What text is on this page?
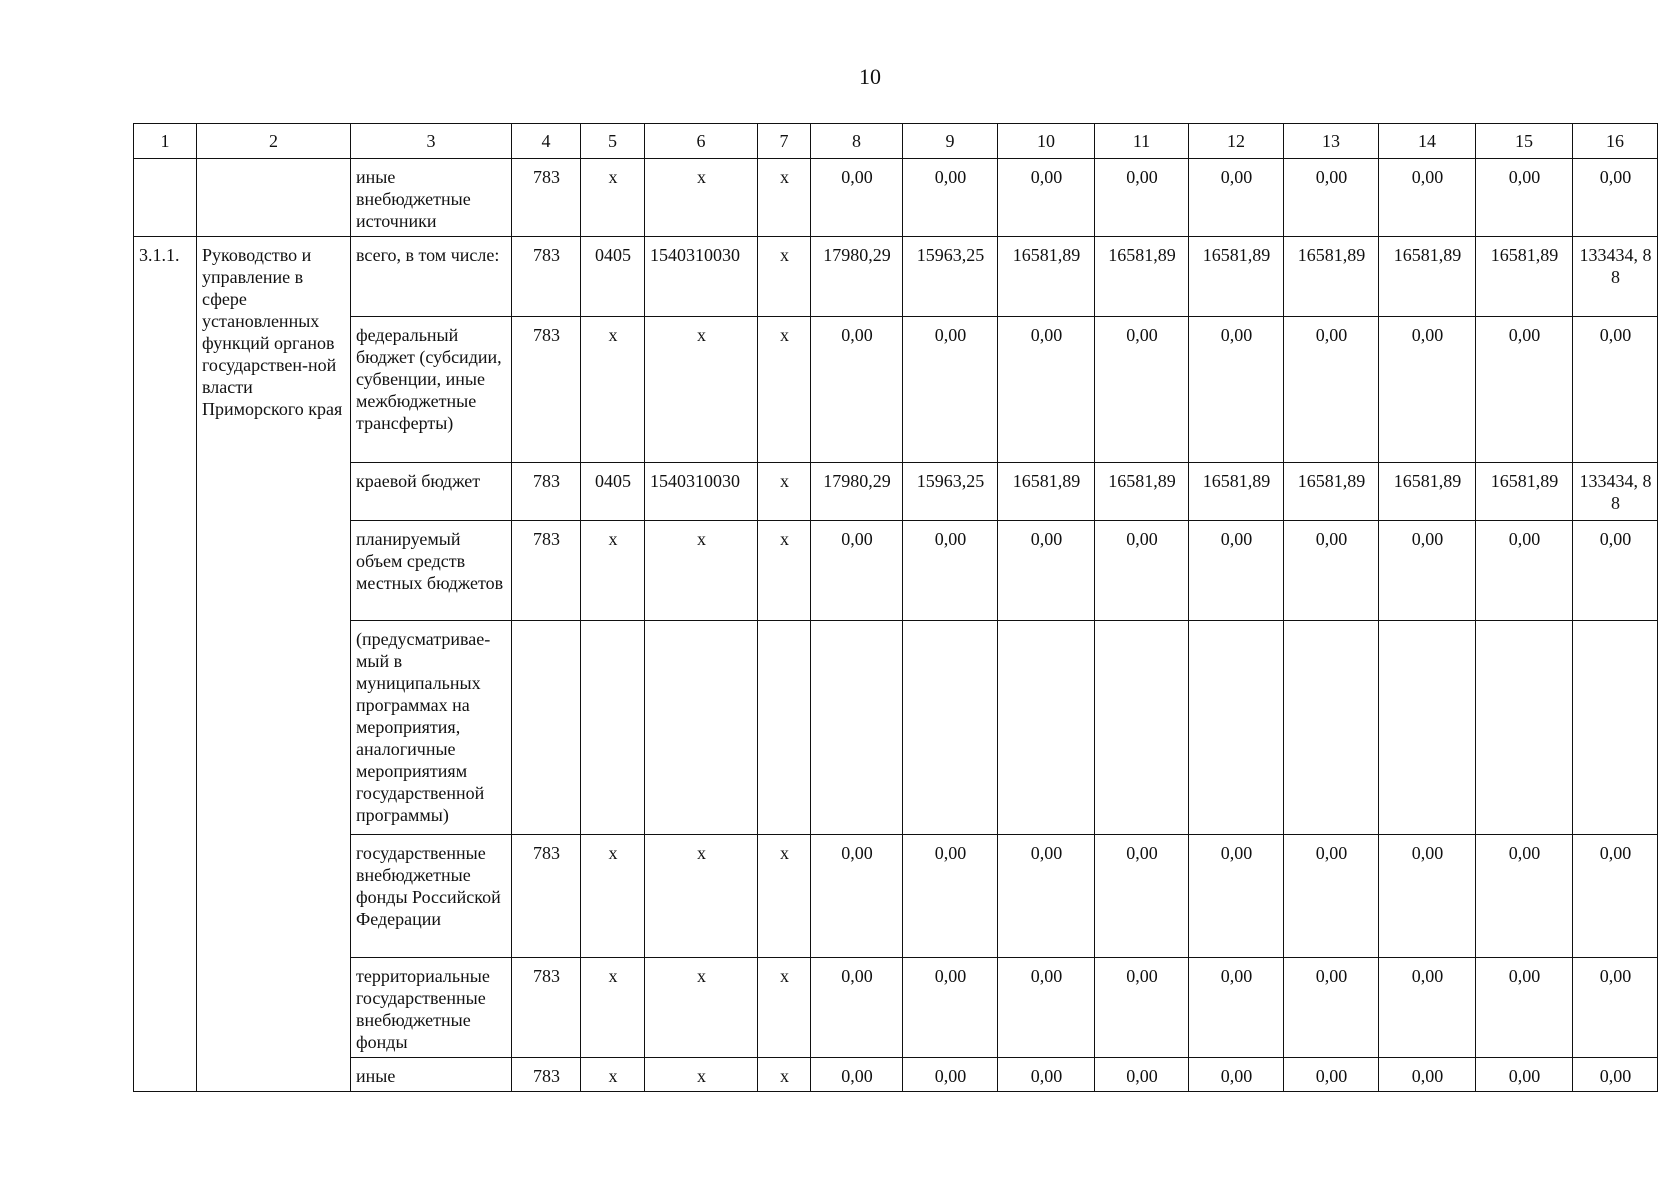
10
1	2	3	4	5	6	7	8	9	10	11	12	13	14	15	16
		иные внебюджетные источники	783	x	x	x	0,00	0,00	0,00	0,00	0,00	0,00	0,00	0,00	0,00
3.1.1.	Руководство и управление в сфере установленных функций органов государствен-ной власти Приморского края	всего, в том числе:	783	0405	1540310030	x	17980,29	15963,25	16581,89	16581,89	16581,89	16581,89	16581,89	16581,89	133434, 88
		федеральный бюджет (субсидии, субвенции, иные межбюджетные трансферты)	783	x	x	x	0,00	0,00	0,00	0,00	0,00	0,00	0,00	0,00	0,00
		краевой бюджет	783	0405	1540310030	x	17980,29	15963,25	16581,89	16581,89	16581,89	16581,89	16581,89	16581,89	133434, 88
		планируемый объем средств местных бюджетов	783	x	x	x	0,00	0,00	0,00	0,00	0,00	0,00	0,00	0,00	0,00
		(предусматривае-мый в муниципальных программах на мероприятия, аналогичные мероприятиям государственной программы)													
		государственные внебюджетные фонды Российской Федерации	783	x	x	x	0,00	0,00	0,00	0,00	0,00	0,00	0,00	0,00	0,00
		территориальные государственные внебюджетные фонды	783	x	x	x	0,00	0,00	0,00	0,00	0,00	0,00	0,00	0,00	0,00
		иные	783	x	x	x	0,00	0,00	0,00	0,00	0,00	0,00	0,00	0,00	0,00
